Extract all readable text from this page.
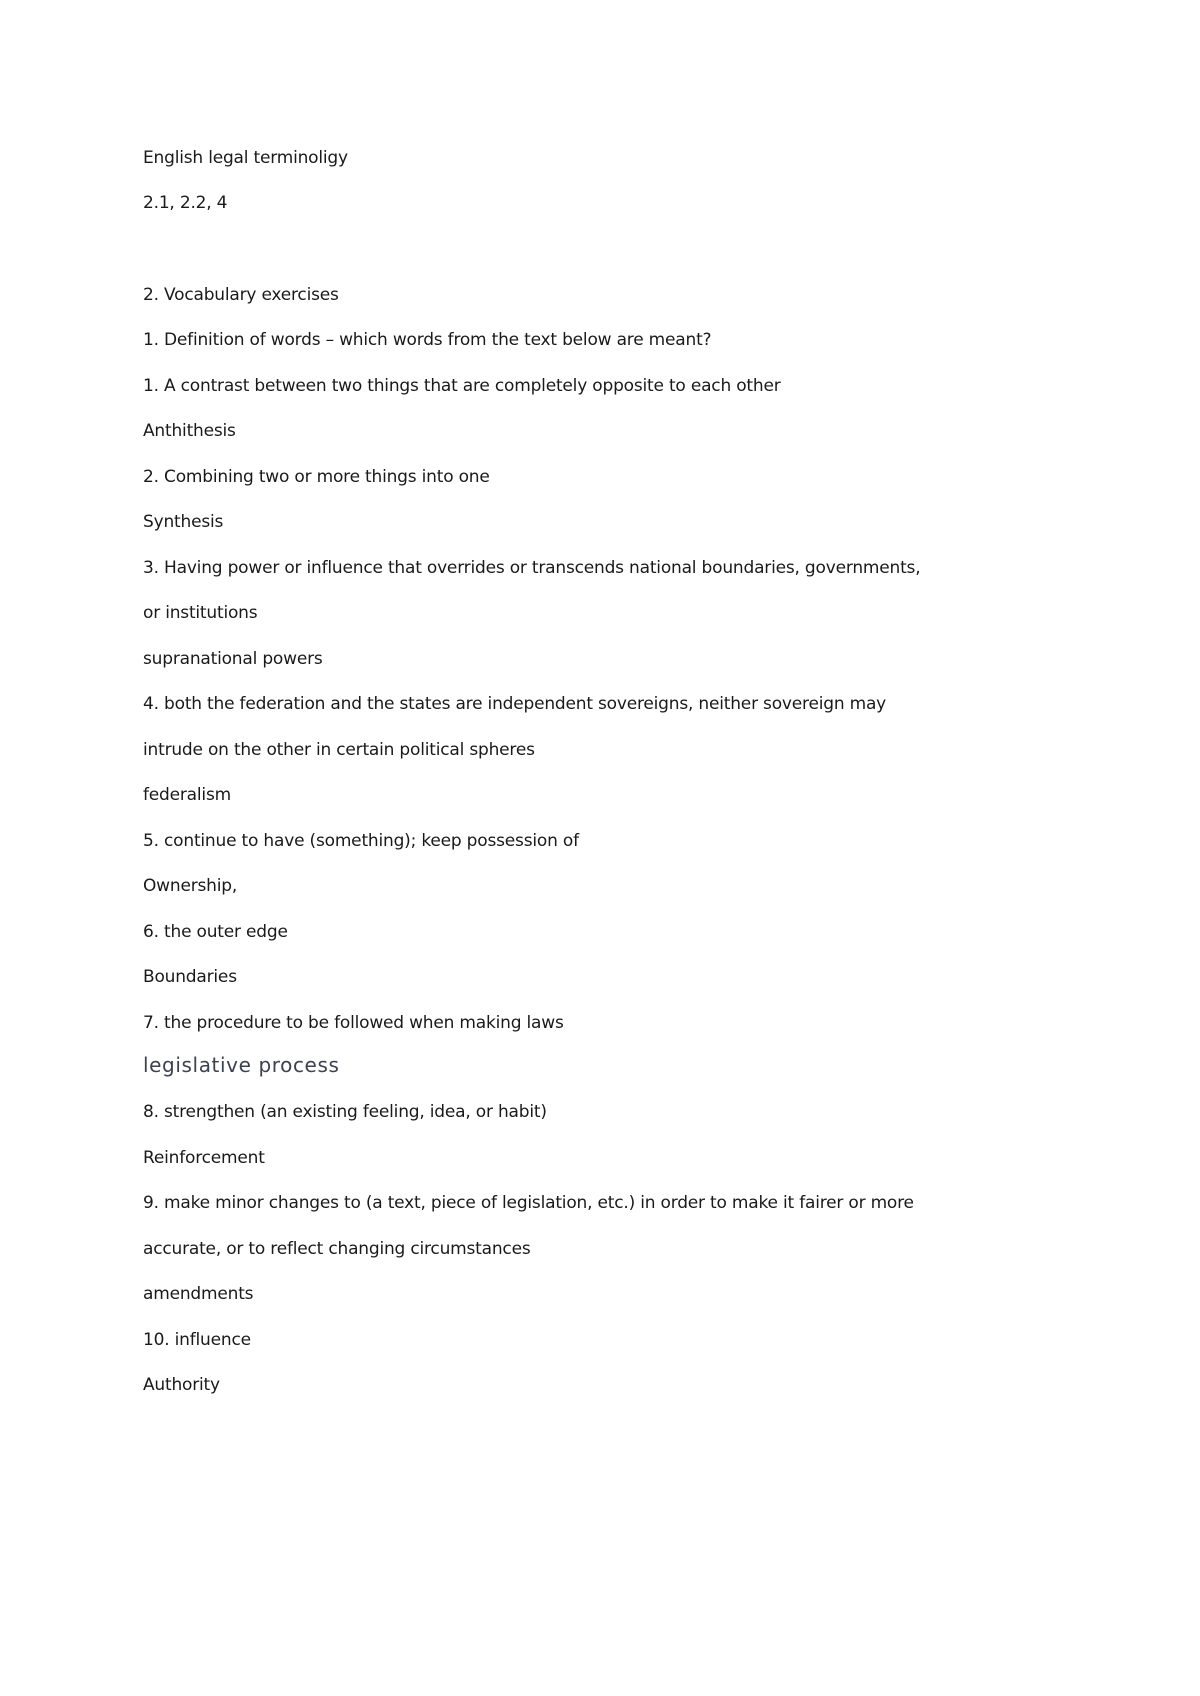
English legal terminoligy
2.1, 2.2, 4
2. Vocabulary exercises
1. Definition of words – which words from the text below are meant?
1. A contrast between two things that are completely opposite to each other
Anthithesis
2. Combining two or more things into one
Synthesis
3. Having power or influence that overrides or transcends national boundaries, governments,
or institutions
supranational powers
4. both the federation and the states are independent sovereigns, neither sovereign may
intrude on the other in certain political spheres
federalism
5. continue to have (something); keep possession of
Ownership,
6. the outer edge
Boundaries
7. the procedure to be followed when making laws
legislative process
8. strengthen (an existing feeling, idea, or habit)
Reinforcement
9. make minor changes to (a text, piece of legislation, etc.) in order to make it fairer or more
accurate, or to reflect changing circumstances
amendments
10. influence
Authority
